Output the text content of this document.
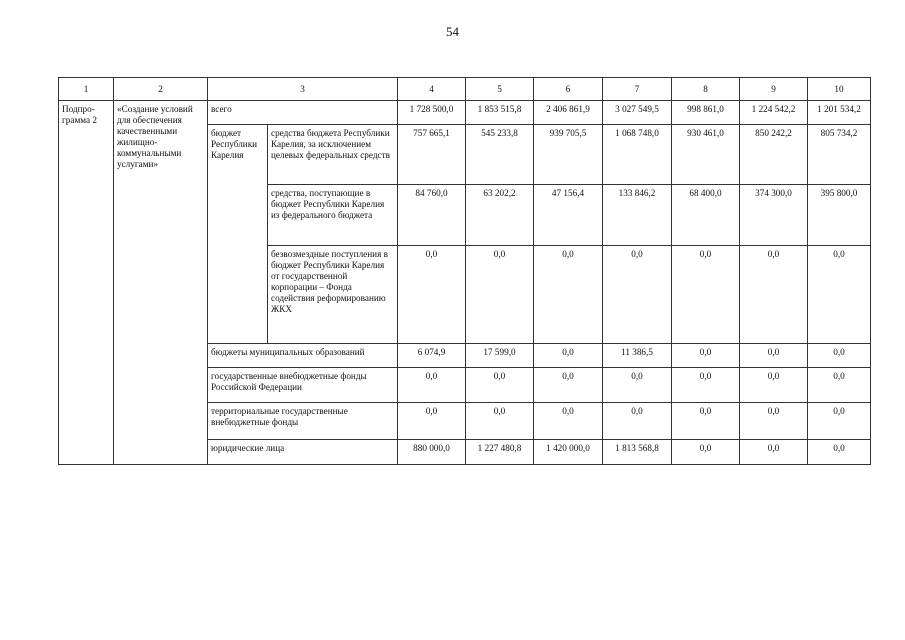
54
1	2	3		4	5	6	7	8	9	10
Подпро-грамма 2	«Создание условий для обеспечения качественными жилищно-коммунальными услугами»	всего		1 728 500,0	1 853 515,8	2 406 861,9	3 027 549,5	998 861,0	1 224 542,2	1 201 534,2
		бюджет Республики Карелия	средства бюджета Республики Карелия, за исключением целевых федеральных средств	757 665,1	545 233,8	939 705,5	1 068 748,0	930 461,0	850 242,2	805 734,2
			средства, поступающие в бюджет Республики Карелия из федерального бюджета	84 760,0	63 202,2	47 156,4	133 846,2	68 400,0	374 300,0	395 800,0
			безвозмездные поступления в бюджет Республики Карелия от государственной корпорации – Фонда содействия реформированию ЖКХ	0,0	0,0	0,0	0,0	0,0	0,0	0,0
		бюджеты муниципальных образований		6 074,9	17 599,0	0,0	11 386,5	0,0	0,0	0,0
		государственные внебюджетные фонды Российской Федерации		0,0	0,0	0,0	0,0	0,0	0,0	0,0
		территориальные государственные внебюджетные фонды		0,0	0,0	0,0	0,0	0,0	0,0	0,0
		юридические лица		880 000,0	1 227 480,8	1 420 000,0	1 813 568,8	0,0	0,0	0,0
